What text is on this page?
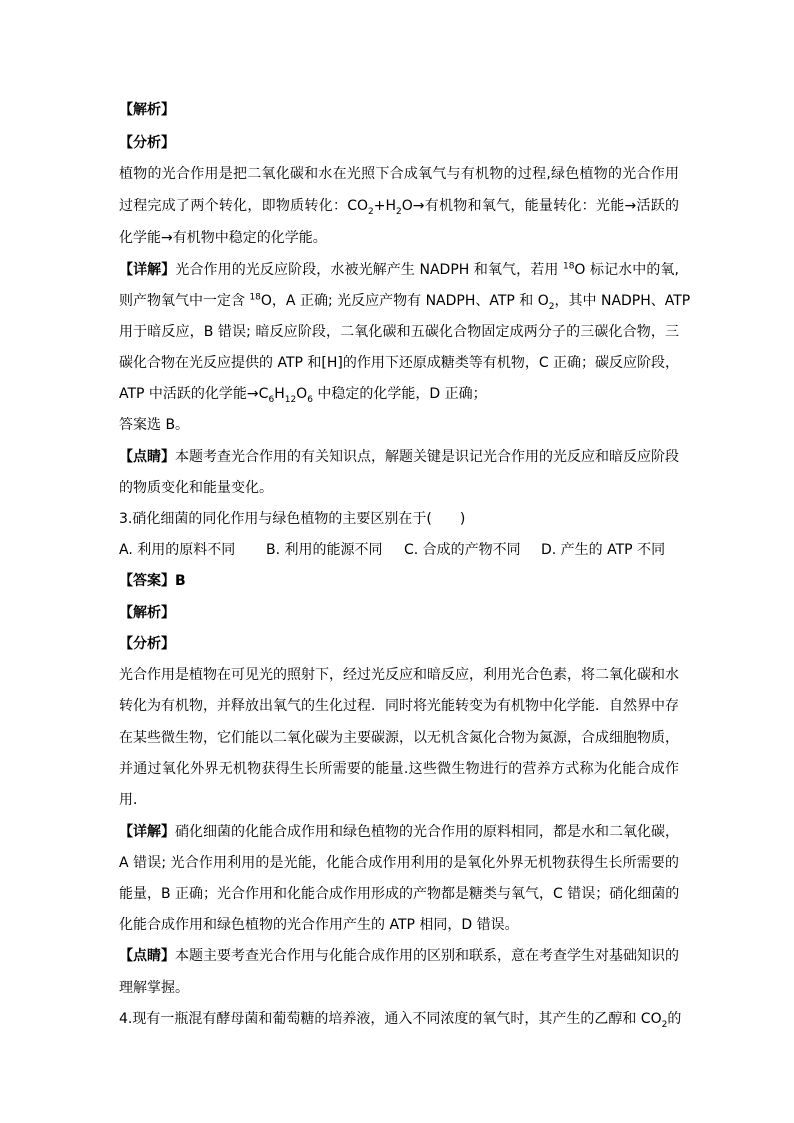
【解析】
【分析】
植物的光合作用是把二氧化碳和水在光照下合成氧气与有机物的过程,绿色植物的光合作用
过程完成了两个转化，即物质转化：$CO_2+H_2O\to$有机物和氧气，能量转化：光能→活跃的
化学能→有机物中稳定的化学能。
【详解】光合作用的光反应阶段，水被光解产生 NADPH 和氧气，若用 $^{18}$O 标记水中的氧,
则产物氧气中一定含 $^{18}$O，A 正确; 光反应产物有 NADPH、ATP 和 $O_2$，其中 NADPH、ATP
用于暗反应，B 错误; 暗反应阶段，二氧化碳和五碳化合物固定成两分子的三碳化合物，三
碳化合物在光反应提供的 ATP 和[H]的作用下还原成糖类等有机物，C 正确；碳反应阶段，
ATP 中活跃的化学能$\to C_6H_{12}O_6$ 中稳定的化学能，D 正确；
答案选 B。
【点睛】本题考查光合作用的有关知识点，解题关键是识记光合作用的光反应和暗反应阶段
的物质变化和能量变化。
3.硝化细菌的同化作用与绿色植物的主要区别在于(　　)
A. 利用的原料不同 B. 利用的能源不同 C. 合成的产物不同 D. 产生的 ATP 不同
【答案】B
【解析】
【分析】
光合作用是植物在可见光的照射下，经过光反应和暗反应，利用光合色素，将二氧化碳和水
转化为有机物，并释放出氧气的生化过程．同时将光能转变为有机物中化学能．自然界中存
在某些微生物，它们能以二氧化碳为主要碳源，以无机含氮化合物为氮源，合成细胞物质，
并通过氧化外界无机物获得生长所需要的能量.这些微生物进行的营养方式称为化能合成作
用．
【详解】硝化细菌的化能合成作用和绿色植物的光合作用的原料相同，都是水和二氧化碳，
A 错误; 光合作用利用的是光能，化能合成作用利用的是氧化外界无机物获得生长所需要的
能量，B 正确；光合作用和化能合成作用形成的产物都是糖类与氧气，C 错误；硝化细菌的
化能合成作用和绿色植物的光合作用产生的 ATP 相同，D 错误。
【点睛】本题主要考查光合作用与化能合成作用的区别和联系，意在考查学生对基础知识的
理解掌握。
4.现有一瓶混有酵母菌和葡萄糖的培养液，通入不同浓度的氧气时，其产生的乙醇和 $CO_2$的
